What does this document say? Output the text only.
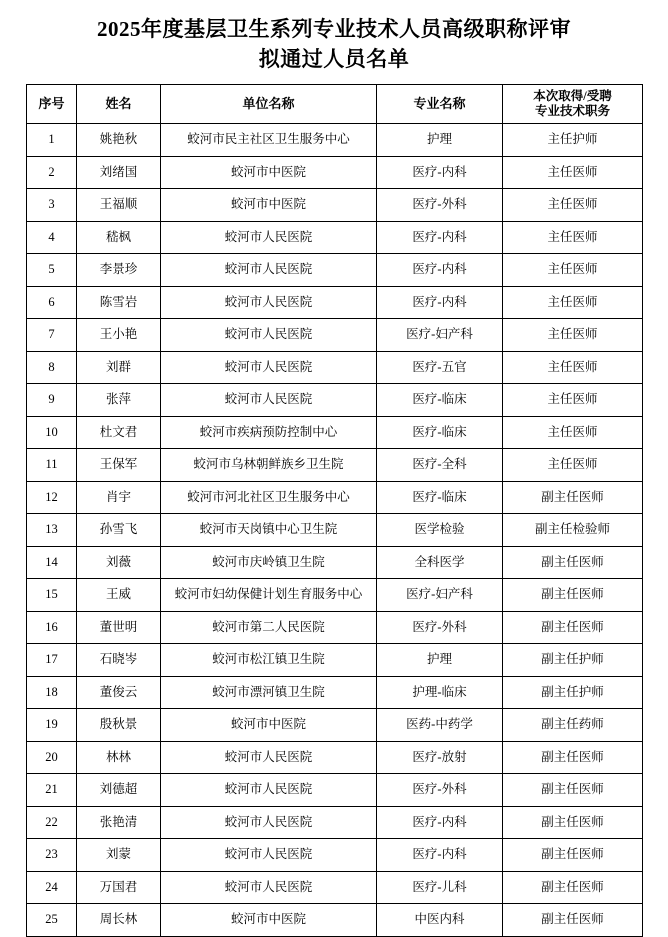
2025年度基层卫生系列专业技术人员高级职称评审
拟通过人员名单
序号	姓名	单位名称	专业名称	本次取得/受聘
专业技术职务

1	姚艳秋	蛟河市民主社区卫生服务中心	护理	主任护师
2	刘绪国	蛟河市中医院	医疗-内科	主任医师
3	王福顺	蛟河市中医院	医疗-外科	主任医师
4	嵇枫	蛟河市人民医院	医疗-内科	主任医师
5	李景珍	蛟河市人民医院	医疗-内科	主任医师
6	陈雪岩	蛟河市人民医院	医疗-内科	主任医师
7	王小艳	蛟河市人民医院	医疗-妇产科	主任医师
8	刘群	蛟河市人民医院	医疗-五官	主任医师
9	张萍	蛟河市人民医院	医疗-临床	主任医师
10	杜文君	蛟河市疾病预防控制中心	医疗-临床	主任医师
11	王保军	蛟河市乌林朝鲜族乡卫生院	医疗-全科	主任医师
12	肖宇	蛟河市河北社区卫生服务中心	医疗-临床	副主任医师
13	孙雪飞	蛟河市天岗镇中心卫生院	医学检验	副主任检验师
14	刘薇	蛟河市庆岭镇卫生院	全科医学	副主任医师
15	王威	蛟河市妇幼保健计划生育服务中心	医疗-妇产科	副主任医师
16	董世明	蛟河市第二人民医院	医疗-外科	副主任医师
17	石晓岑	蛟河市松江镇卫生院	护理	副主任护师
18	董俊云	蛟河市漂河镇卫生院	护理-临床	副主任护师
19	殷秋景	蛟河市中医院	医药-中药学	副主任药师
20	林林	蛟河市人民医院	医疗-放射	副主任医师
21	刘德超	蛟河市人民医院	医疗-外科	副主任医师
22	张艳清	蛟河市人民医院	医疗-内科	副主任医师
23	刘蒙	蛟河市人民医院	医疗-内科	副主任医师
24	万国君	蛟河市人民医院	医疗-儿科	副主任医师
25	周长林	蛟河市中医院	中医内科	副主任医师
